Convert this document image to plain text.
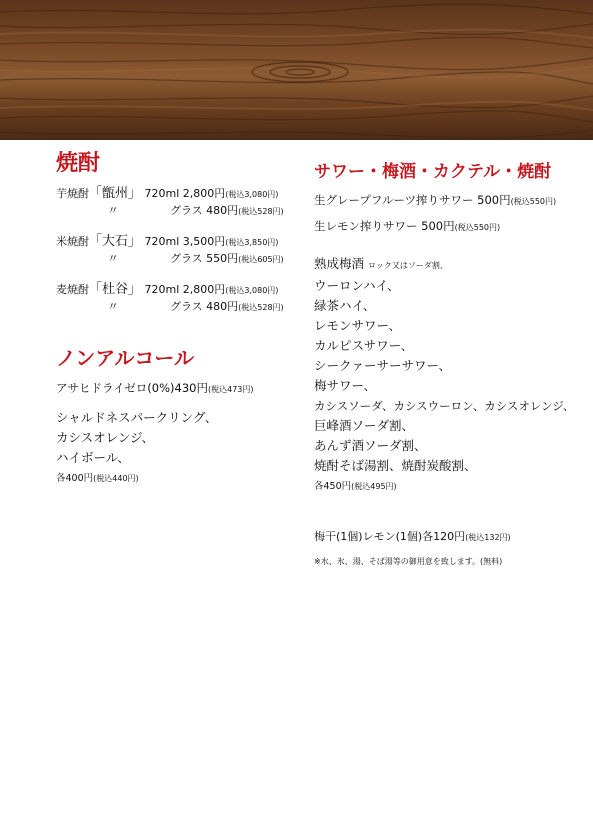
焼酎
芋焼酎「甑州」 720ml 2,800円(税込3,080円)
〃	グラス 480円(税込528円)
米焼酎「大石」 720ml 3,500円(税込3,850円)
〃	グラス 550円(税込605円)
麦焼酎「杜谷」 720ml 2,800円(税込3,080円)
〃	グラス 480円(税込528円)
ノンアルコール
アサヒドライゼロ(0%)430円(税込473円)
シャルドネスパークリング、
カシスオレンジ、
ハイボール、
各400円(税込440円)
サワー・梅酒・カクテル・焼酎
生グレープフルーツ搾りサワー 500円(税込550円)
生レモン搾りサワー 500円(税込550円)
熟成梅酒 ロック又はソーダ割、
ウーロンハイ、
緑茶ハイ、
レモンサワー、
カルピスサワー、
シークァーサーサワー、
梅サワー、
カシスソーダ、カシスウーロン、カシスオレンジ、
巨峰酒ソーダ割、
あんず酒ソーダ割、
焼酎そば湯割、焼酎炭酸割、
各450円(税込495円)
梅干(1個)レモン(1個)各120円(税込132円)
※水、氷、湯、そば湯等の御用意を致します。(無料)
